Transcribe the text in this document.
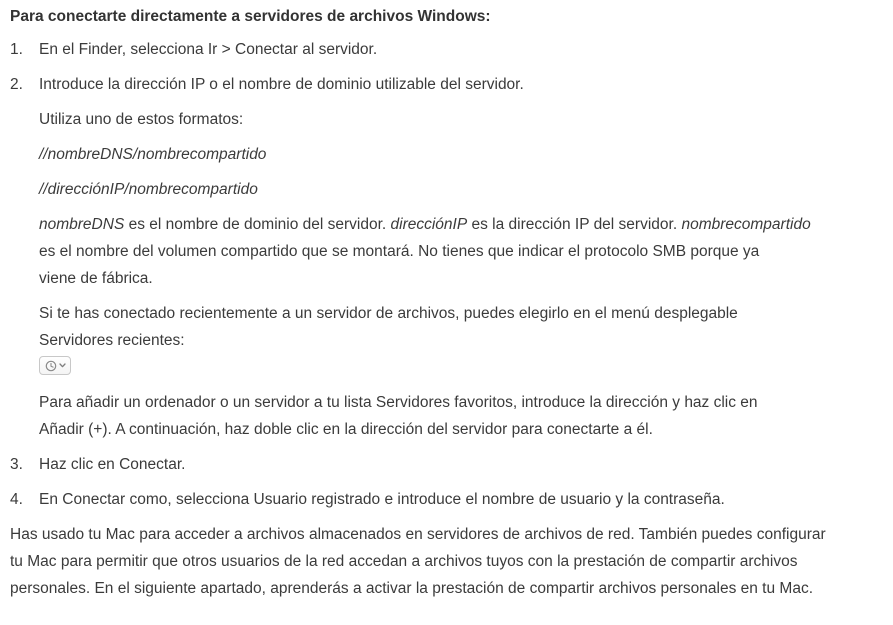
Para conectarte directamente a servidores de archivos Windows:

1.	En el Finder, selecciona Ir > Conectar al servidor.

2.	Introduce la dirección IP o el nombre de dominio utilizable del servidor.

Utiliza uno de estos formatos:

//nombreDNS/nombrecompartido

//direcciónIP/nombrecompartido

nombreDNS es el nombre de dominio del servidor. direcciónIP es la dirección IP del servidor. nombrecompartido
es el nombre del volumen compartido que se montará. No tienes que indicar el protocolo SMB porque ya
viene de fábrica.

Si te has conectado recientemente a un servidor de archivos, puedes elegirlo en el menú desplegable
Servidores recientes:

Para añadir un ordenador o un servidor a tu lista Servidores favoritos, introduce la dirección y haz clic en
Añadir (+). A continuación, haz doble clic en la dirección del servidor para conectarte a él.

3.	Haz clic en Conectar.

4.	En Conectar como, selecciona Usuario registrado e introduce el nombre de usuario y la contraseña.

Has usado tu Mac para acceder a archivos almacenados en servidores de archivos de red. También puedes configurar
tu Mac para permitir que otros usuarios de la red accedan a archivos tuyos con la prestación de compartir archivos
personales. En el siguiente apartado, aprenderás a activar la prestación de compartir archivos personales en tu Mac.
